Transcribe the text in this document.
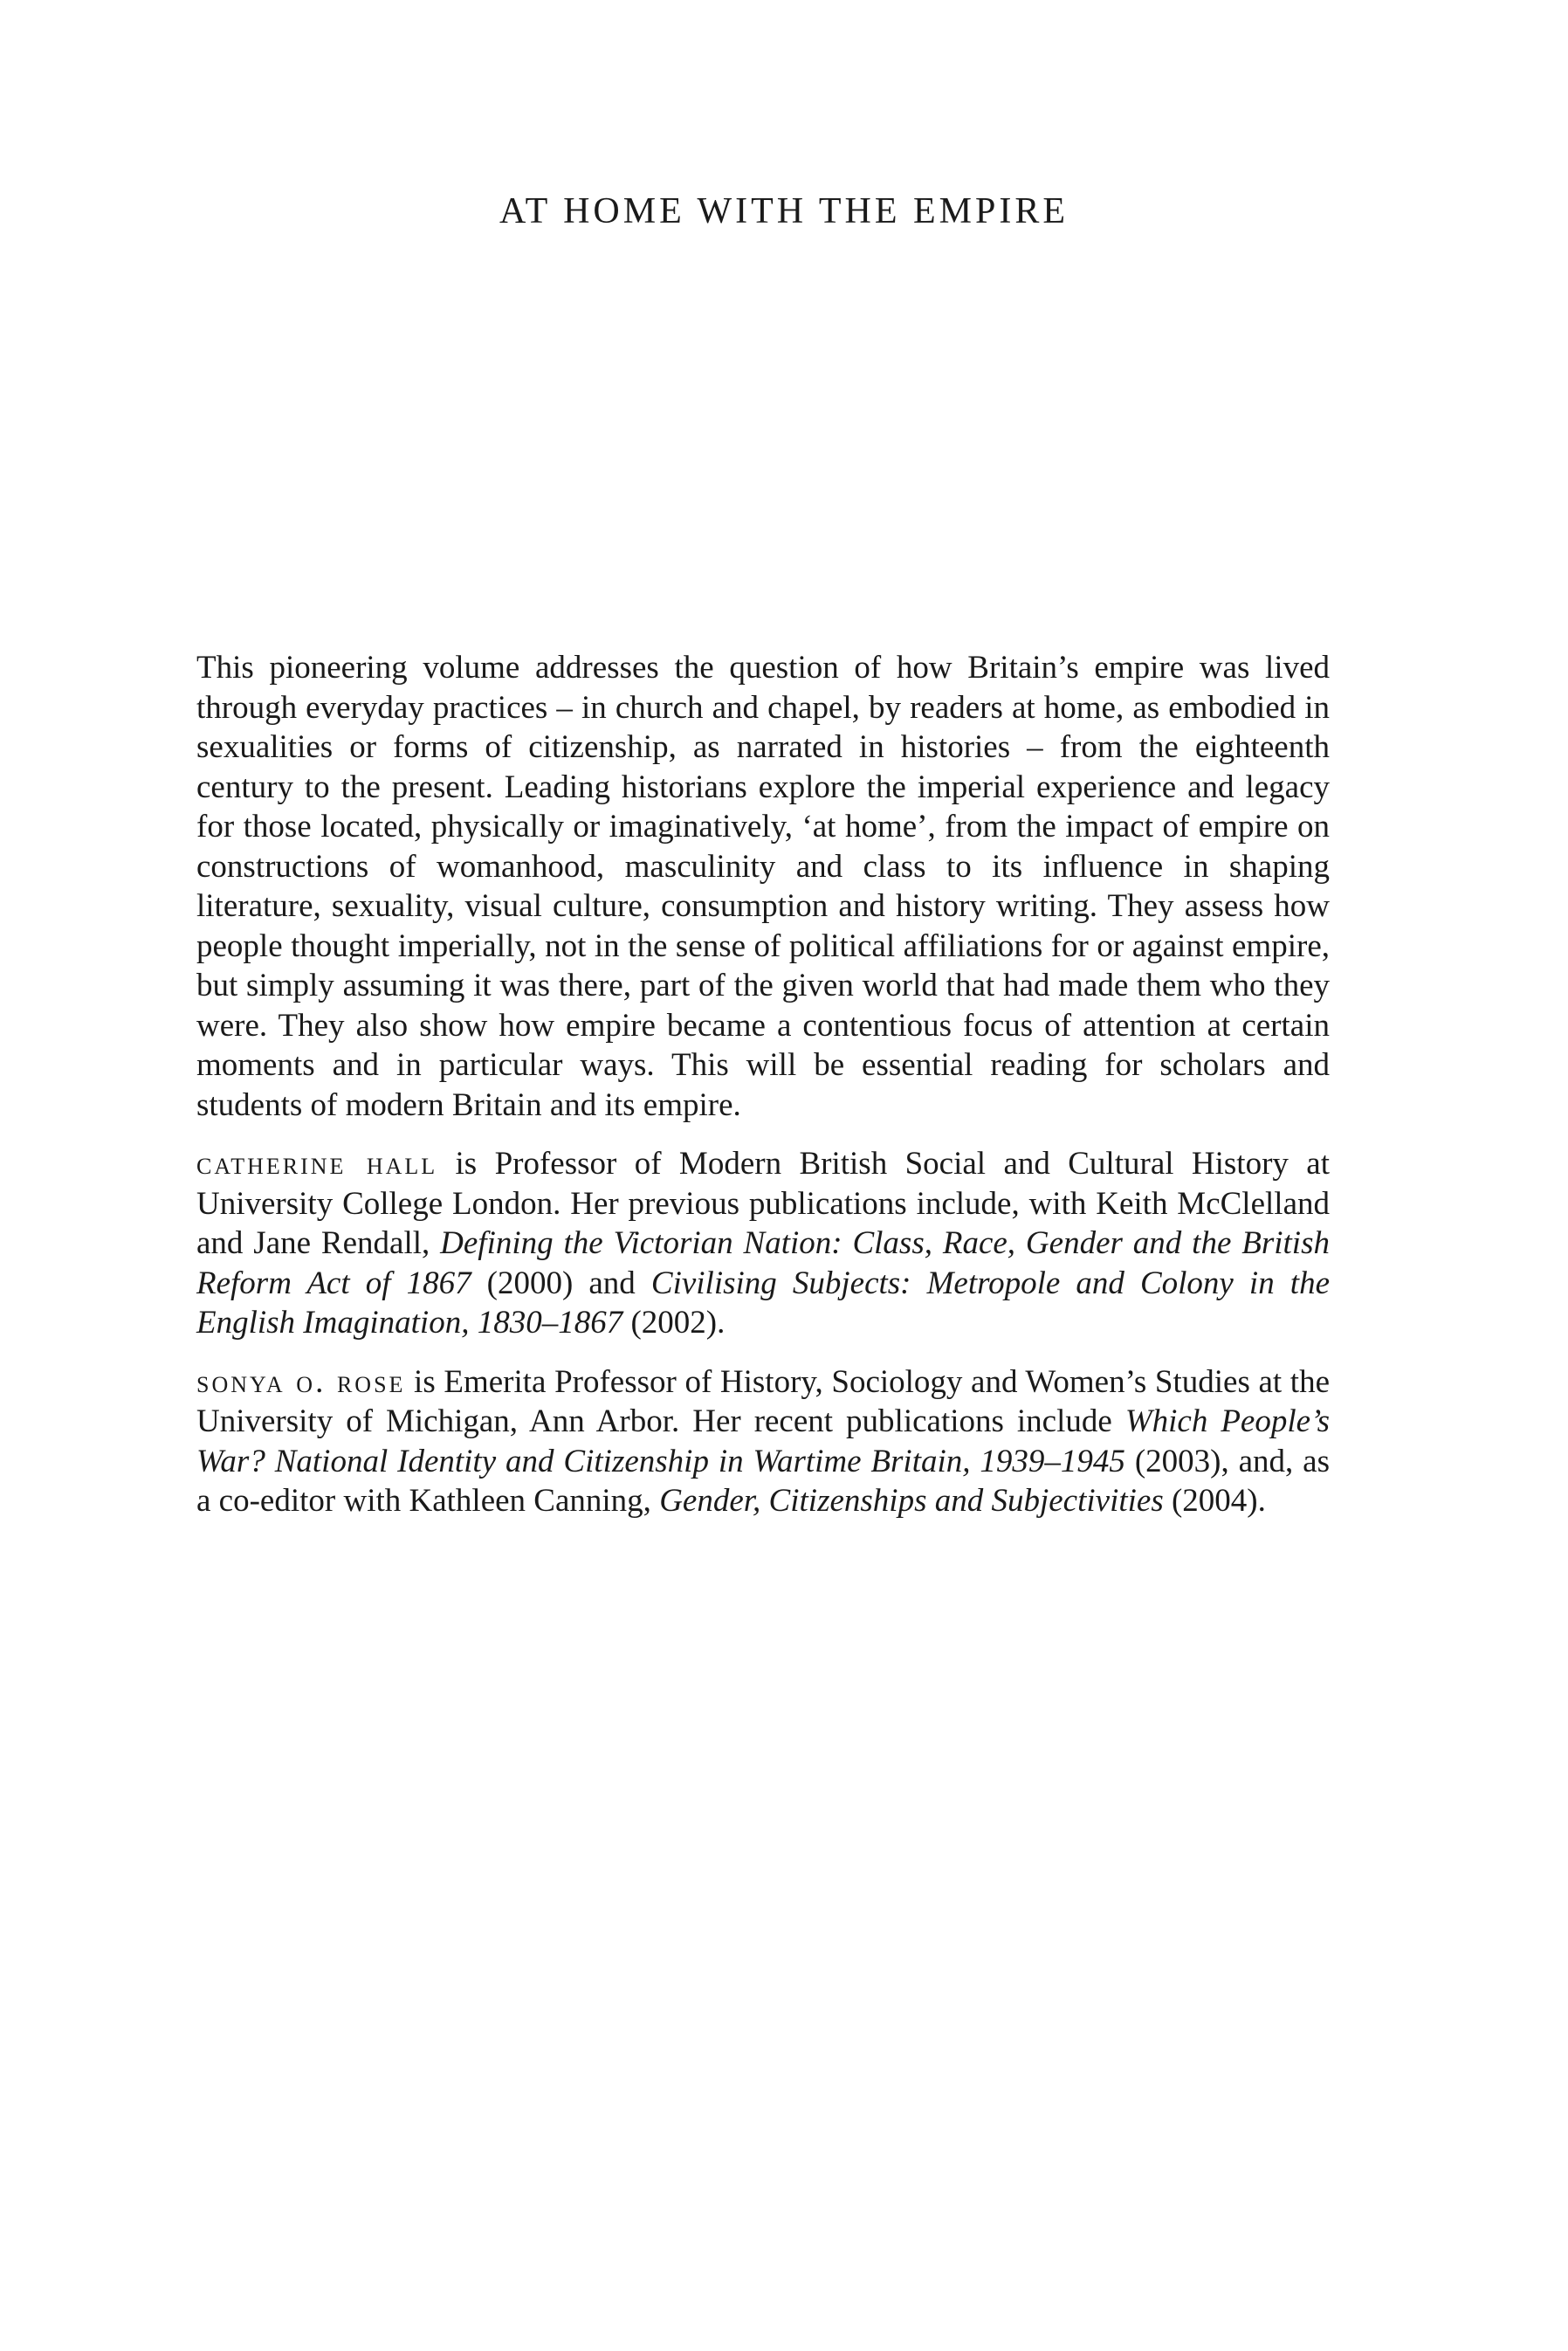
AT HOME WITH THE EMPIRE

This pioneering volume addresses the question of how Britain’s empire was lived through everyday practices – in church and chapel, by readers at home, as embodied in sexualities or forms of citizenship, as narrated in histories – from the eighteenth century to the present. Leading historians explore the imperial experience and legacy for those located, physically or imaginatively, ‘at home’, from the impact of empire on constructions of womanhood, masculinity and class to its influence in shaping literature, sexuality, visual culture, consumption and history writing. They assess how people thought imperially, not in the sense of political affiliations for or against empire, but simply assuming it was there, part of the given world that had made them who they were. They also show how empire became a contentious focus of attention at certain moments and in particular ways. This will be essential reading for scholars and students of modern Britain and its empire.

catherine hall is Professor of Modern British Social and Cultural History at University College London. Her previous publications include, with Keith McClelland and Jane Rendall, Defining the Victorian Nation: Class, Race, Gender and the British Reform Act of 1867 (2000) and Civilising Subjects: Metropole and Colony in the English Imagination, 1830–1867 (2002).

sonya o. rose is Emerita Professor of History, Sociology and Women’s Studies at the University of Michigan, Ann Arbor. Her recent publications include Which People’s War? National Identity and Citizenship in Wartime Britain, 1939–1945 (2003), and, as a co-editor with Kathleen Canning, Gender, Citizenships and Subjectivities (2004).
